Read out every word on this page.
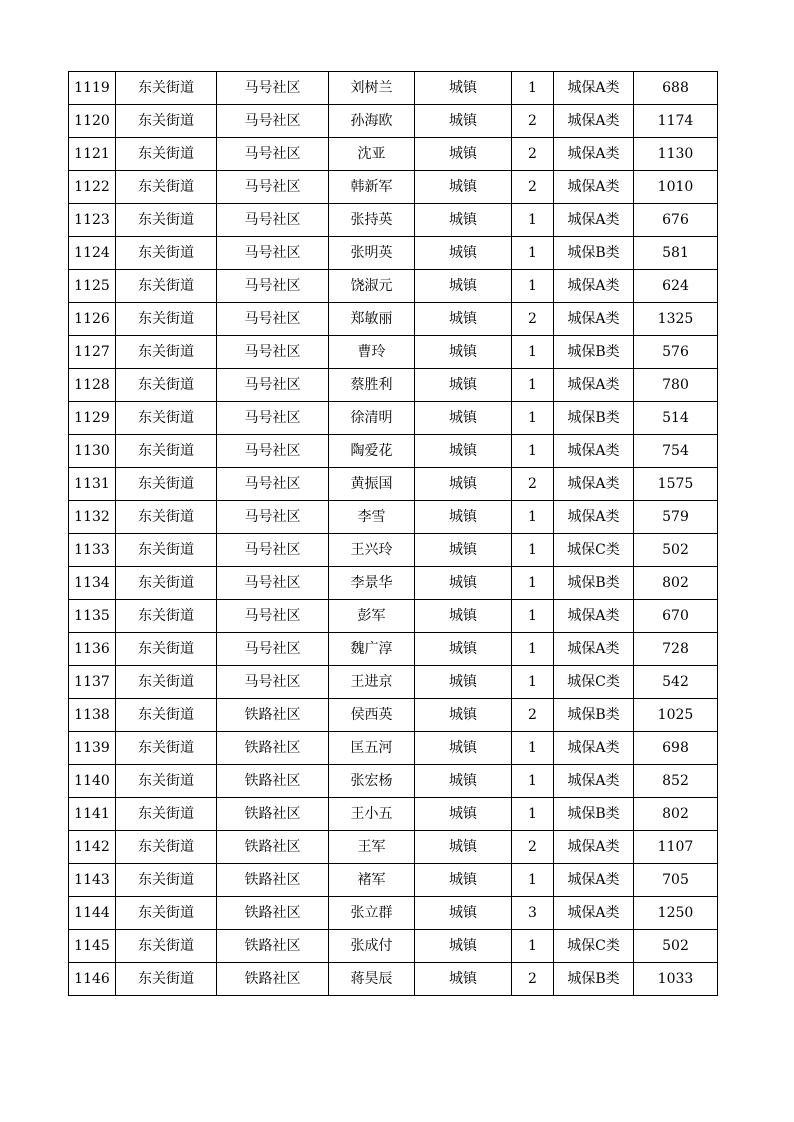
1119	东关街道	马号社区	刘树兰	城镇	1	城保A类	688
1120	东关街道	马号社区	孙海欧	城镇	2	城保A类	1174
1121	东关街道	马号社区	沈亚	城镇	2	城保A类	1130
1122	东关街道	马号社区	韩新军	城镇	2	城保A类	1010
1123	东关街道	马号社区	张持英	城镇	1	城保A类	676
1124	东关街道	马号社区	张明英	城镇	1	城保B类	581
1125	东关街道	马号社区	饶淑元	城镇	1	城保A类	624
1126	东关街道	马号社区	郑敏丽	城镇	2	城保A类	1325
1127	东关街道	马号社区	曹玲	城镇	1	城保B类	576
1128	东关街道	马号社区	蔡胜利	城镇	1	城保A类	780
1129	东关街道	马号社区	徐清明	城镇	1	城保B类	514
1130	东关街道	马号社区	陶爱花	城镇	1	城保A类	754
1131	东关街道	马号社区	黄振国	城镇	2	城保A类	1575
1132	东关街道	马号社区	李雪	城镇	1	城保A类	579
1133	东关街道	马号社区	王兴玲	城镇	1	城保C类	502
1134	东关街道	马号社区	李景华	城镇	1	城保B类	802
1135	东关街道	马号社区	彭军	城镇	1	城保A类	670
1136	东关街道	马号社区	魏广淳	城镇	1	城保A类	728
1137	东关街道	马号社区	王进京	城镇	1	城保C类	542
1138	东关街道	铁路社区	侯西英	城镇	2	城保B类	1025
1139	东关街道	铁路社区	匡五河	城镇	1	城保A类	698
1140	东关街道	铁路社区	张宏杨	城镇	1	城保A类	852
1141	东关街道	铁路社区	王小五	城镇	1	城保B类	802
1142	东关街道	铁路社区	王军	城镇	2	城保A类	1107
1143	东关街道	铁路社区	褚军	城镇	1	城保A类	705
1144	东关街道	铁路社区	张立群	城镇	3	城保A类	1250
1145	东关街道	铁路社区	张成付	城镇	1	城保C类	502
1146	东关街道	铁路社区	蒋昊辰	城镇	2	城保B类	1033
